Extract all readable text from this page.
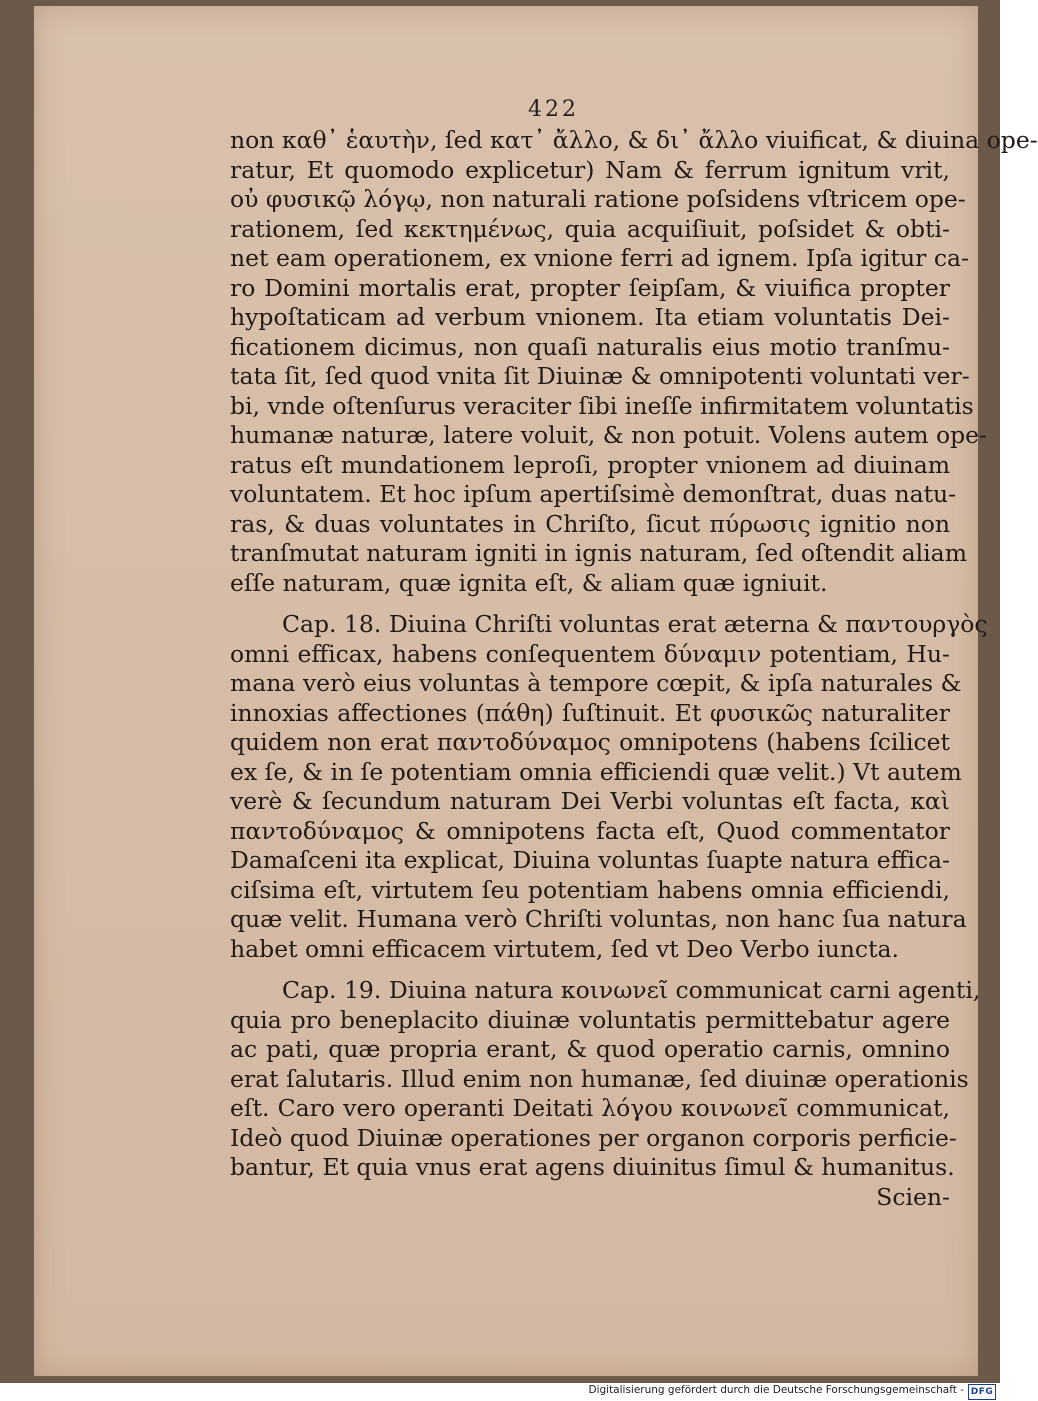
422
non καθ᾽ ἑαυτὴν, ſed κατ᾽ ἄλλο, & δι᾽ ἄλλο viuificat, & diuina ope-
ratur, Et quomodo explicetur) Nam & ferrum ignitum vrit,
οὐ φυσικῷ λόγῳ, non naturali ratione poſsidens vſtricem ope-
rationem, ſed κεκτημένως, quia acquiſiuit, poſsidet & obti-
net eam operationem, ex vnione ferri ad ignem. Ipſa igitur ca-
ro Domini mortalis erat, propter ſeipſam, & viuifica propter
hypoſtaticam ad verbum vnionem. Ita etiam voluntatis Dei-
ficationem dicimus, non quaſi naturalis eius motio tranſmu-
tata ſit, ſed quod vnita ſit Diuinæ & omnipotenti voluntati ver-
bi, vnde oſtenſurus veraciter ſibi ineſſe infirmitatem voluntatis
humanæ naturæ, latere voluit, & non potuit. Volens autem ope-
ratus eſt mundationem leproſi, propter vnionem ad diuinam
voluntatem. Et hoc ipſum apertiſsimè demonſtrat, duas natu-
ras, & duas voluntates in Chriſto, ſicut πύρωσις ignitio non
tranſmutat naturam igniti in ignis naturam, ſed oſtendit aliam
eſſe naturam, quæ ignita eſt, & aliam quæ igniuit.
Cap. 18. Diuina Chriſti voluntas erat æterna & παντουργὸς
omni efficax, habens conſequentem δύναμιν potentiam, Hu-
mana verò eius voluntas à tempore cœpit, & ipſa naturales &
innoxias affectiones (πάθη) ſuſtinuit. Et φυσικῶς naturaliter
quidem non erat παντοδύναμος omnipotens (habens ſcilicet
ex ſe, & in ſe potentiam omnia efficiendi quæ velit.) Vt autem
verè & ſecundum naturam Dei Verbi voluntas eſt facta, καὶ
παντοδύναμος & omnipotens facta eſt, Quod commentator
Damaſceni ita explicat, Diuina voluntas ſuapte natura effica-
ciſsima eſt, virtutem ſeu potentiam habens omnia efficiendi,
quæ velit. Humana verò Chriſti voluntas, non hanc ſua natura
habet omni efficacem virtutem, ſed vt Deo Verbo iuncta.
Cap. 19. Diuina natura κοινωνεῖ communicat carni agenti,
quia pro beneplacito diuinæ voluntatis permittebatur agere
ac pati, quæ propria erant, & quod operatio carnis, omnino
erat ſalutaris. Illud enim non humanæ, ſed diuinæ operationis
eſt. Caro vero operanti Deitati λόγου κοινωνεῖ communicat,
Ideò quod Diuinæ operationes per organon corporis perficie-
bantur, Et quia vnus erat agens diuinitus ſimul & humanitus.
Scien-
Digitalisierung gefördert durch die Deutsche Forschungsgemeinschaft - DFG
